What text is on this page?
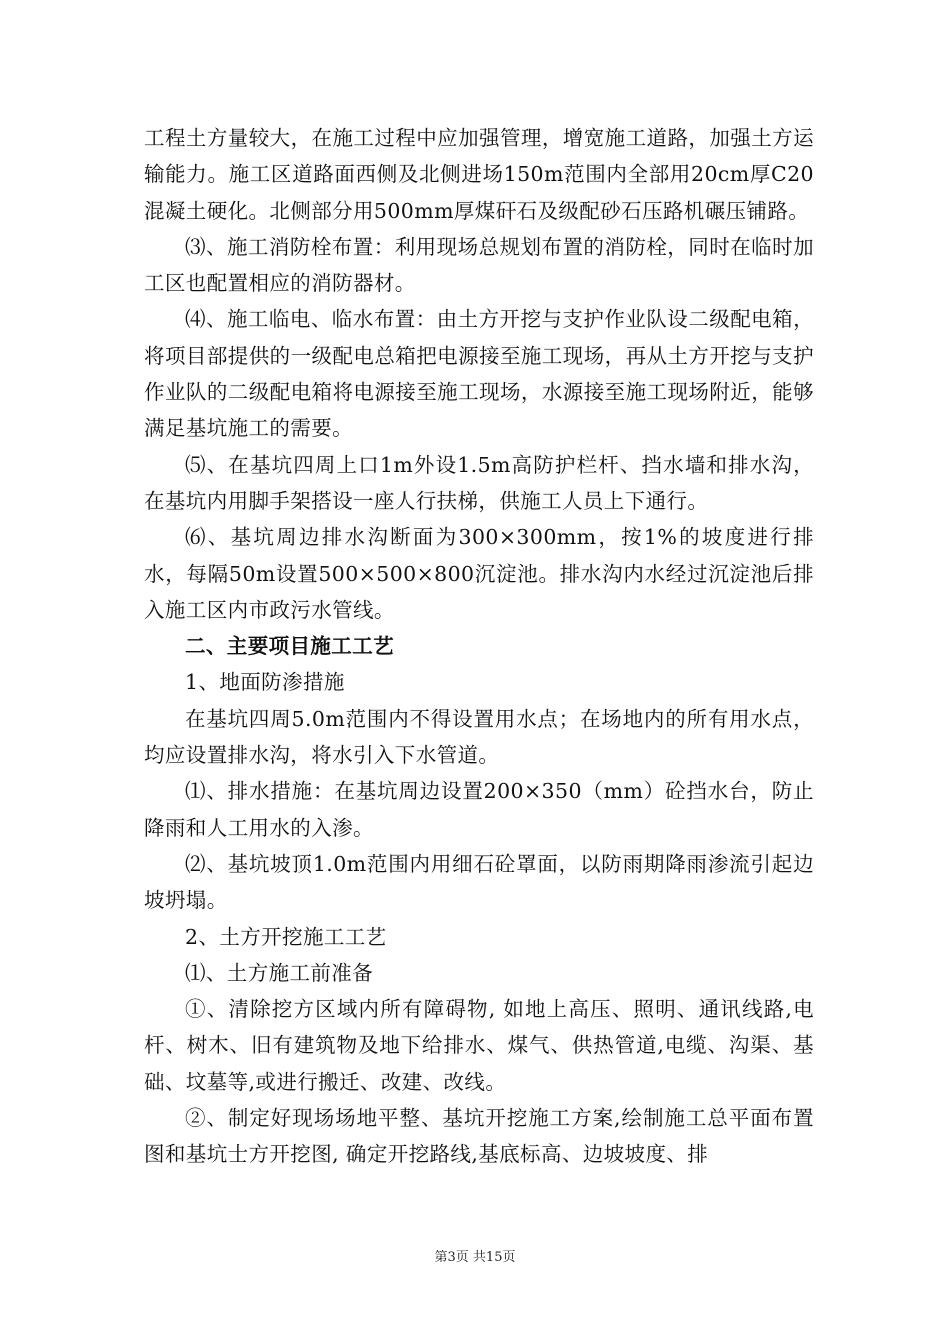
工程土方量较大，在施工过程中应加强管理，增宽施工道路，加强土方运输能力。施工区道路面西侧及北侧进场150m范围内全部用20cm厚C20混凝土硬化。北侧部分用500mm厚煤矸石及级配砂石压路机碾压铺路。

⑶、施工消防栓布置：利用现场总规划布置的消防栓，同时在临时加工区也配置相应的消防器材。

⑷、施工临电、临水布置：由土方开挖与支护作业队设二级配电箱，将项目部提供的一级配电总箱把电源接至施工现场，再从土方开挖与支护作业队的二级配电箱将电源接至施工现场，水源接至施工现场附近，能够满足基坑施工的需要。

⑸、在基坑四周上口1m外设1.5m高防护栏杆、挡水墙和排水沟，在基坑内用脚手架搭设一座人行扶梯，供施工人员上下通行。

⑹、基坑周边排水沟断面为300×300mm，按1%的坡度进行排水，每隔50m设置500×500×800沉淀池。排水沟内水经过沉淀池后排入施工区内市政污水管线。

二、主要项目施工工艺

1、地面防渗措施

在基坑四周5.0m范围内不得设置用水点；在场地内的所有用水点，均应设置排水沟，将水引入下水管道。

⑴、排水措施：在基坑周边设置200×350（mm）砼挡水台，防止降雨和人工用水的入渗。

⑵、基坑坡顶1.0m范围内用细石砼罩面，以防雨期降雨渗流引起边坡坍塌。

2、土方开挖施工工艺

⑴、土方施工前准备

①、清除挖方区域内所有障碍物, 如地上高压、照明、通讯线路,电杆、树木、旧有建筑物及地下给排水、煤气、供热管道,电缆、沟渠、基础、坟墓等,或进行搬迁、改建、改线。

②、制定好现场场地平整、基坑开挖施工方案,绘制施工总平面布置图和基坑士方开挖图, 确定开挖路线,基底标高、边坡坡度、排

第3页 共15页
